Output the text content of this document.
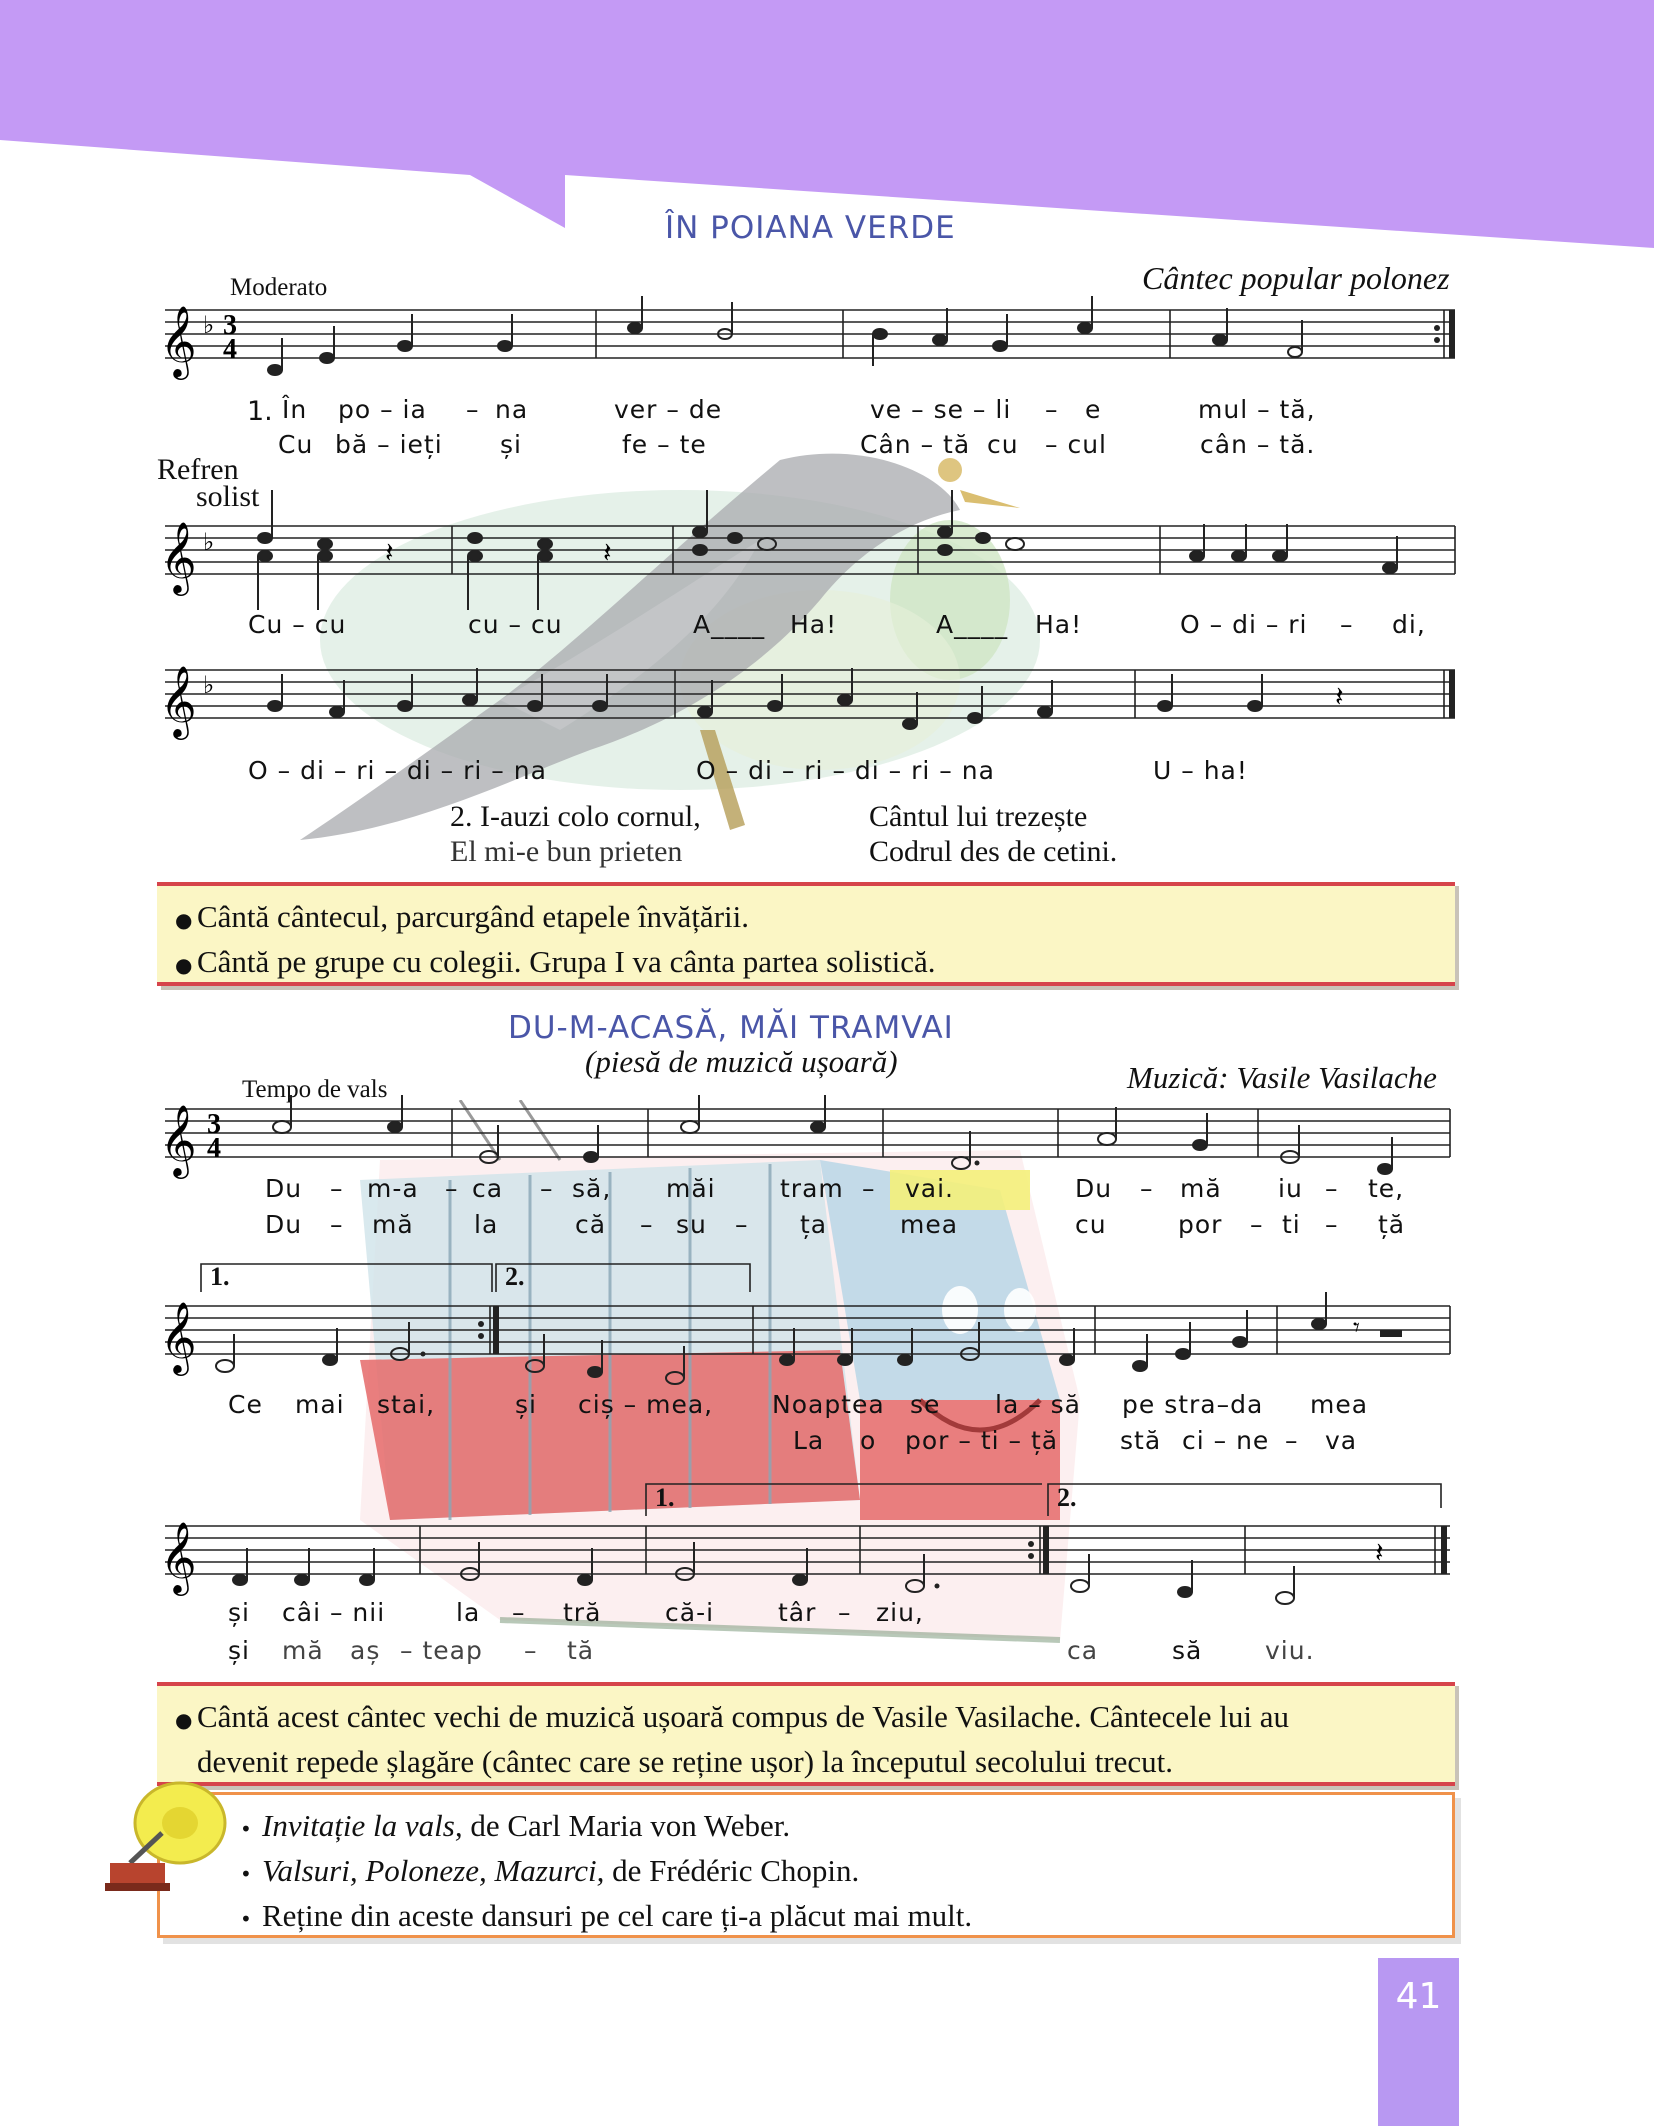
ÎN POIANA VERDE
Moderato	Cântec popular polonez
𝄞 ♭ 3
4
1. În po – ia – na	ver – de	ve – se – li – e	mul – tă,
Cu bă – ieți și	fe – te	Cân – tă cu – cul	cân – tă.
Refren
solist
𝄞 ♭	𝄽	𝄽
Cu – cu	cu – cu	A____ Ha!	A____ Ha!	O – di – ri – di,
𝄞 ♭	𝄽
O – di – ri – di – ri – na	O – di – ri – di – ri – na	U – ha!
2. I-auzi colo cornul,
El mi-e bun prieten
Cântul lui trezește
Codrul des de cetini.
● Cântă cântecul, parcurgând etapele învățării.
● Cântă pe grupe cu colegii. Grupa I va cânta partea solistică.
DU-M-ACASĂ, MĂI TRAMVAI
(piesă de muzică ușoară)	Muzică: Vasile Vasilache
Tempo de vals
𝄞 3
4
Du – m-a – ca – să, măi	tram – vai.	Du – mă iu – te,
Du – mă la	că – su – ța	mea	cu	por – ti – ță
1.	2.
𝄞	𝄾
Ce mai stai,	și ciș – mea, Noaptea se la – să pe stra–da mea
La o por – ti – ță stă ci – ne – va
1.	2.
𝄞	𝄽
și câi – nii	la – tră	că-i	târ – ziu,
și mă aș – teap – tă	ca	să	viu.
● Cântă acest cântec vechi de muzică ușoară compus de Vasile Vasilache. Cântecele lui au
devenit repede șlagăre (cântec care se reține ușor) la începutul secolului trecut.
• Invitație la vals, de Carl Maria von Weber.
• Valsuri, Poloneze, Mazurci, de Frédéric Chopin.
• Reține din aceste dansuri pe cel care ți-a plăcut mai mult.
41
